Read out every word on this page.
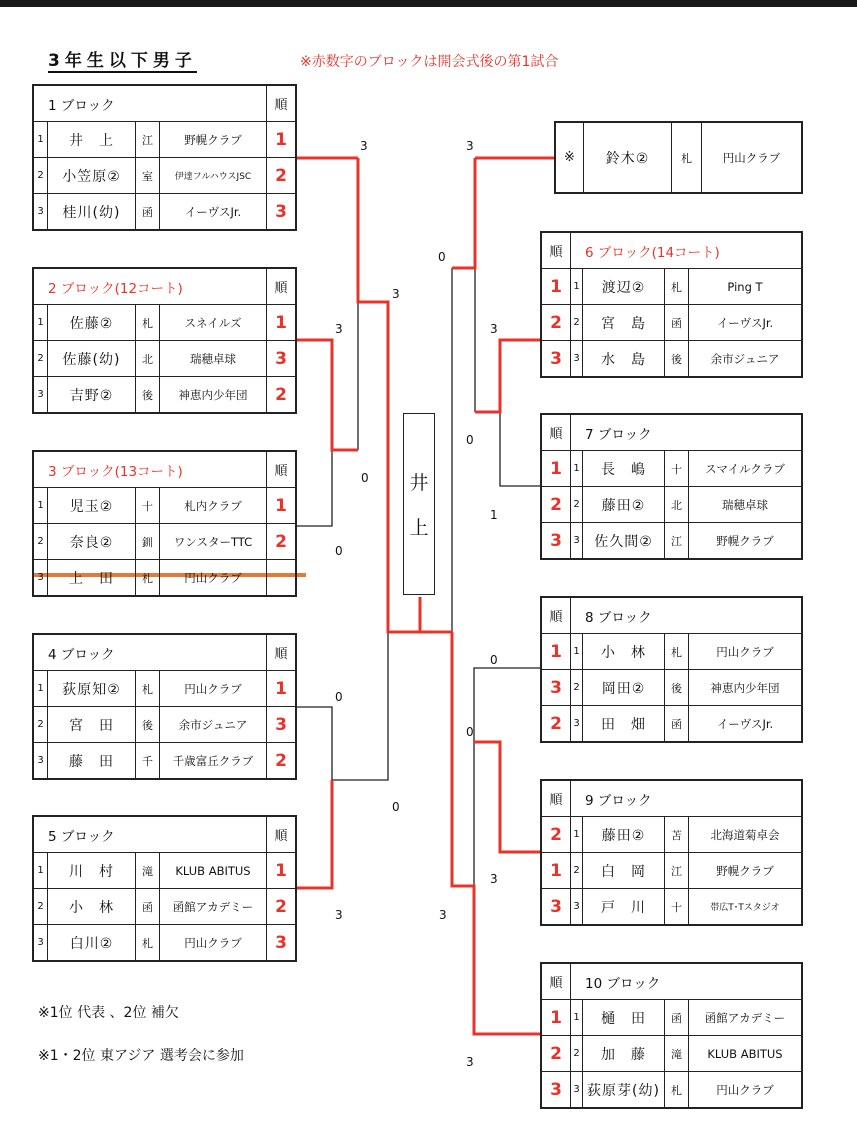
3年生以下男子	※赤数字のブロックは開会式後の第1試合
1 ブロック				順
1	井　上	江	野幌クラブ	1
2	小笠原②	室	伊達フルハウスJSC	2
3	桂川(幼)	函	イーヴスJr.	3
2 ブロック(12コート)				順
1	佐藤②	札	スネイルズ	1
2	佐藤(幼)	北	瑞穂卓球	3
3	吉野②	後	神恵内少年団	2
3 ブロック(13コート)				順
1	児玉②	十	札内クラブ	1
2	奈良②	釧	ワンスターTTC	2
3	上　田	札	円山クラブ	
4 ブロック				順
1	荻原知②	札	円山クラブ	1
2	宮　田	後	余市ジュニア	3
3	藤　田	千	千歳富丘クラブ	2
5 ブロック				順
1	川　村	滝	KLUB ABITUS	1
2	小　林	函	函館アカデミー	2
3	白川②	札	円山クラブ	3
※	鈴木②	札	円山クラブ
順	6 ブロック(14コート)			
1	1	渡辺②	札	Ping T
2	2	宮　島	函	イーヴスJr.
3	3	水　島	後	余市ジュニア
順	7 ブロック			
1	1	長　嶋	十	スマイルクラブ
2	2	藤田②	北	瑞穂卓球
3	3	佐久間②	江	野幌クラブ
順	8 ブロック			
1	1	小　林	札	円山クラブ
3	2	岡田②	後	神恵内少年団
2	3	田　畑	函	イーヴスJr.
順	9 ブロック			
2	1	藤田②	苫	北海道菊卓会
1	2	白　岡	江	野幌クラブ
3	3	戸　川	十	帯広T･Tスタジオ
順	10 ブロック			
1	1	樋　田	函	函館アカデミー
2	2	加　藤	滝	KLUB ABITUS
3	3	荻原芽(幼)	札	円山クラブ
井
上
3
3
3
0
0
0
0
3
3
0
3
0
1
0
0
3
3
3
※1位 代表 、2位 補欠
※1・2位 東アジア 選考会に参加
